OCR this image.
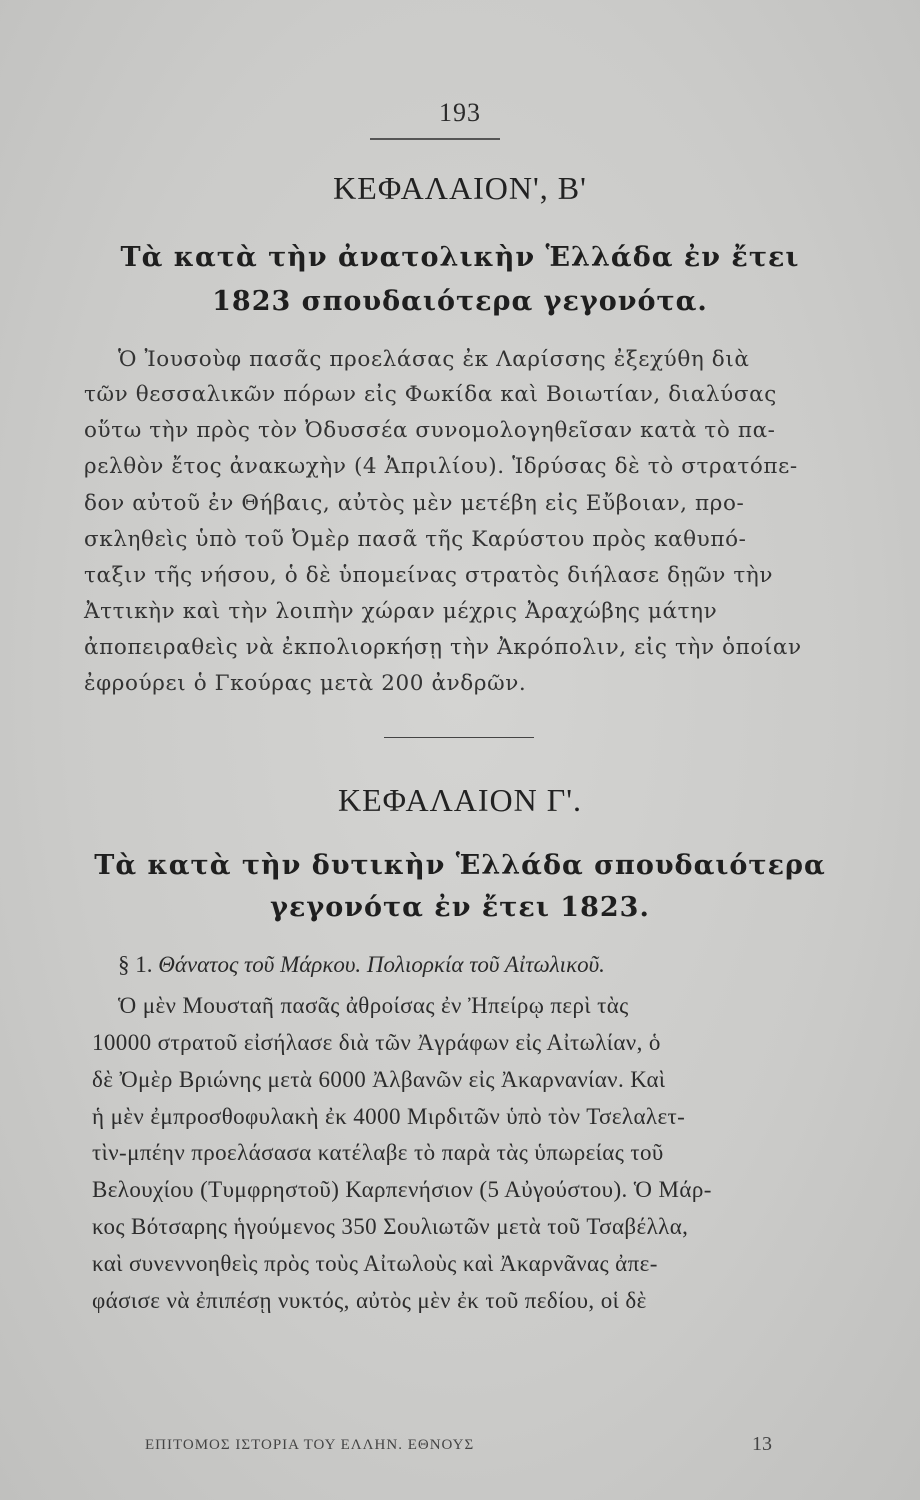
193
ΚΕΦΑΛΑΙΟΝ', Β'
Τὰ κατὰ τὴν ἀνατολικὴν Ἑλλάδα ἐν ἔτει
1823 σπουδαιότερα γεγονότα.
Ὁ Ἰουσοὺφ πασᾶς προελάσας ἐκ Λαρίσσης ἐξεχύθη διὰ
τῶν θεσσαλικῶν πόρων εἰς Φωκίδα καὶ Βοιωτίαν, διαλύσας
οὕτω τὴν πρὸς τὸν Ὀδυσσέα συνομολογηθεῖσαν κατὰ τὸ πα-
ρελθὸν ἔτος ἀνακωχὴν (4 Ἀπριλίου). Ἱδρύσας δὲ τὸ στρατόπε-
δον αὐτοῦ ἐν Θήβαις, αὐτὸς μὲν μετέβη εἰς Εὔβοιαν, προ-
σκληθεὶς ὑπὸ τοῦ Ὀμὲρ πασᾶ τῆς Καρύστου πρὸς καθυπό-
ταξιν τῆς νήσου, ὁ δὲ ὑπομείνας στρατὸς διήλασε δῃῶν τὴν
Ἀττικὴν καὶ τὴν λοιπὴν χώραν μέχρις Ἀραχώβης μάτην
ἀποπειραθεὶς νὰ ἐκπολιορκήσῃ τὴν Ἀκρόπολιν, εἰς τὴν ὁποίαν
ἐφρούρει ὁ Γκούρας μετὰ 200 ἀνδρῶν.
ΚΕΦΑΛΑΙΟΝ Γ'.
Τὰ κατὰ τὴν δυτικὴν Ἑλλάδα σπουδαιότερα
γεγονότα ἐν ἔτει 1823.
§ 1. Θάνατος τοῦ Μάρκου. Πολιορκία τοῦ Αἰτωλικοῦ.
Ὁ μὲν Μουσταῆ πασᾶς ἀθροίσας ἐν Ἠπείρῳ περὶ τὰς
10000 στρατοῦ εἰσήλασε διὰ τῶν Ἀγράφων εἰς Αἰτωλίαν, ὁ
δὲ Ὀμὲρ Βριώνης μετὰ 6000 Ἀλβανῶν εἰς Ἀκαρνανίαν. Καὶ
ἡ μὲν ἐμπροσθοφυλακὴ ἐκ 4000 Μιρδιτῶν ὑπὸ τὸν Τσελαλετ-
τὶν-μπέην προελάσασα κατέλαβε τὸ παρὰ τὰς ὑπωρείας τοῦ
Βελουχίου (Τυμφρηστοῦ) Καρπενήσιον (5 Αὐγούστου). Ὁ Μάρ-
κος Βότσαρης ἡγούμενος 350 Σουλιωτῶν μετὰ τοῦ Τσαβέλλα,
καὶ συνεννοηθεὶς πρὸς τοὺς Αἰτωλοὺς καὶ Ἀκαρνᾶνας ἀπε-
φάσισε νὰ ἐπιπέσῃ νυκτός, αὐτὸς μὲν ἐκ τοῦ πεδίου, οἱ δὲ
ΕΠΙΤΟΜΟΣ ΙΣΤΟΡΙΑ ΤΟΥ ΕΛΛΗΝ. ΕΘΝΟΥΣ	13
